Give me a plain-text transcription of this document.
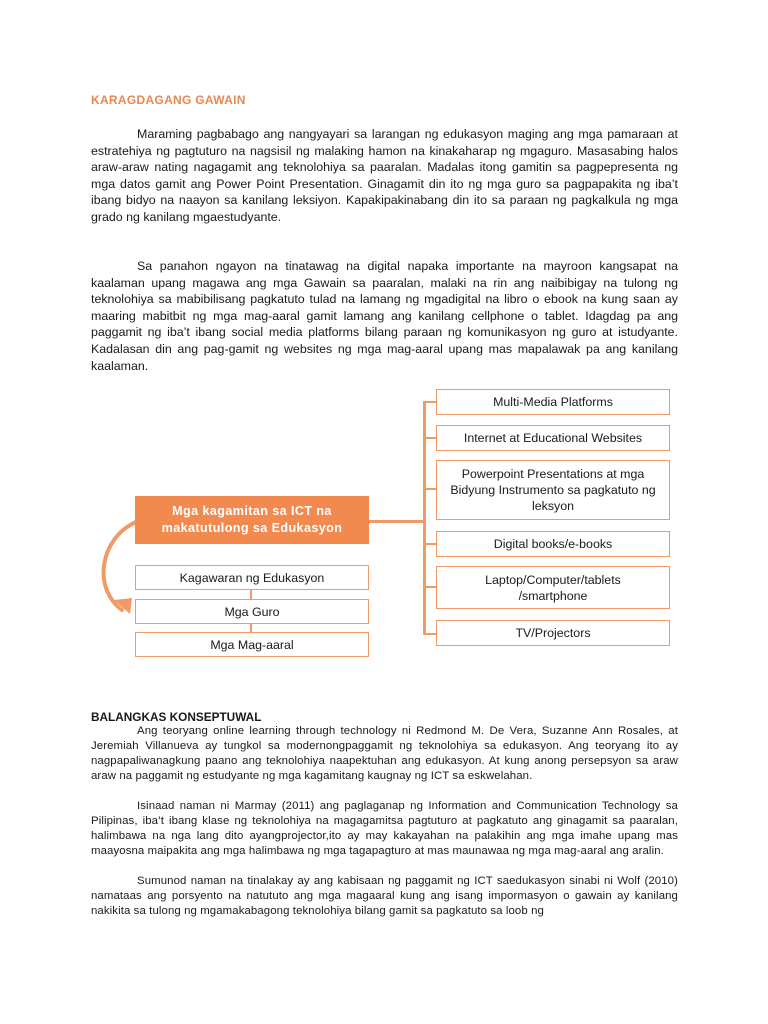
KARAGDAGANG GAWAIN

Maraming pagbabago ang nangyayari sa larangan ng edukasyon maging ang mga pamaraan at estratehiya ng pagtuturo na nagsisil ng malaking hamon na kinakaharap ng mgaguro. Masasabing halos araw-araw nating nagagamit ang teknolohiya sa paaralan. Madalas itong gamitin sa pagpepresenta ng mga datos gamit ang Power Point Presentation. Ginagamit din ito ng mga guro sa pagpapakita ng iba’t ibang bidyo na naayon sa kanilang leksiyon. Kapakipakinabang din ito sa paraan ng pagkalkula ng mga grado ng kanilang mgaestudyante.

Sa panahon ngayon na tinatawag na digital napaka importante na mayroon kangsapat na kaalaman upang magawa ang mga Gawain sa paaralan, malaki na rin ang naibibigay na tulong ng teknolohiya sa mabibilisang pagkatuto tulad na lamang ng mgadigital na libro o ebook na kung saan ay maaring mabitbit ng mga mag-aaral gamit lamang ang kanilang cellphone o tablet. Idagdag pa ang paggamit ng iba’t ibang social media platforms bilang paraan ng komunikasyon ng guro at istudyante. Kadalasan din ang pag-gamit ng websites ng mga mag-aaral upang mas mapalawak pa ang kanilang kaalaman.

Mga kagamitan sa ICT na makatutulong sa Edukasyon
Kagawaran ng Edukasyon
Mga Guro
Mga Mag-aaral
Multi-Media Platforms
Internet at Educational Websites
Powerpoint Presentations at mga Bidyung Instrumento sa pagkatuto ng leksyon
Digital books/e-books
Laptop/Computer/tablets /smartphone
TV/Projectors
BALANGKAS KONSEPTUWAL

Ang teoryang online learning through technology ni Redmond M. De Vera, Suzanne Ann Rosales, at Jeremiah Villanueva ay tungkol sa modernongpaggamit ng teknolohiya sa edukasyon. Ang teoryang ito ay nagpapaliwanagkung paano ang teknolohiya naapektuhan ang edukasyon. At kung anong persepsyon sa araw araw na paggamit ng estudyante ng mga kagamitang kaugnay ng ICT sa eskwelahan.

Isinaad naman ni Marmay (2011) ang paglaganap ng Information and Communication Technology sa Pilipinas, iba’t ibang klase ng teknolohiya na magagamitsa pagtuturo at pagkatuto ang ginagamit sa paaralan, halimbawa na nga lang dito ayangprojector,ito ay may kakayahan na palakihin ang mga imahe upang mas maayosna maipakita ang mga halimbawa ng mga tagapagturo at mas maunawaa ng mga mag-aaral ang aralin.

Sumunod naman na tinalakay ay ang kabisaan ng paggamit ng ICT saedukasyon sinabi ni Wolf (2010) namataas ang porsyento na natututo ang mga magaaral kung ang isang impormasyon o gawain ay kanilang nakikita sa tulong ng mgamakabagong teknolohiya bilang gamit sa pagkatuto sa loob ng
